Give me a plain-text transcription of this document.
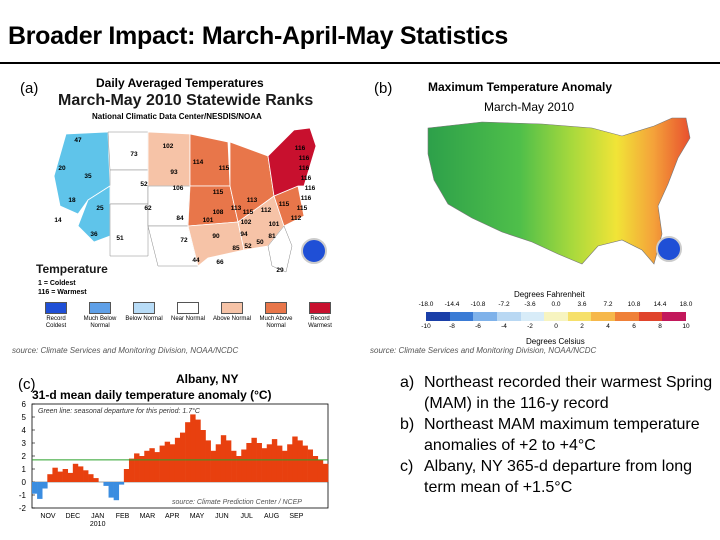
Broader Impact: March-April-May Statistics
(a)	Daily Averaged Temperatures
March-May 2010 Statewide Ranks
National Climatic Data Center/NESDIS/NOAA
47
73
102
114
115
116
116
116
116
116
116
115
112
20
35
93
52
106
115
113
113
108	112
115
18
25	62
84	101	102	101
14
36
51	72
90	94	81
85 52
50
44	66
29
115
Temperature
1 = Coldest
116 = Warmest
Record Coldest
Much Below Normal
Below Normal	Near Normal	Above Normal	Much Above Normal
Record Warmest
source: Climate Services and Monitoring Division, NOAA/NCDC
(b)	Maximum Temperature Anomaly
March-May 2010
Degrees Fahrenheit
-18.0 -14.4 -10.8	-7.2	-3.6	0.0	3.6	7.2	10.8 14.4 18.0
-10	-8	-6	-4	-2	0	2	4	6	8	10
Degrees Celsius
source: Climate Services and Monitoring Division, NOAA/NCDC
(c)	Albany, NY
31-d mean daily temperature anomaly (°C)
6
5
4
3
2
1
0
-1
-2
Green line: seasonal departure for this period: 1.7°C
source: Climate Prediction Center / NCEP
NOV DEC JAN
2010
FEB MAR APR MAY JUN JUL AUG SEP
a) Northeast recorded their warmest Spring (MAM) in the 116-y record
b) Northeast MAM maximum temperature anomalies of +2 to +4°C
c) Albany, NY 365-d departure from long term mean of +1.5°C
